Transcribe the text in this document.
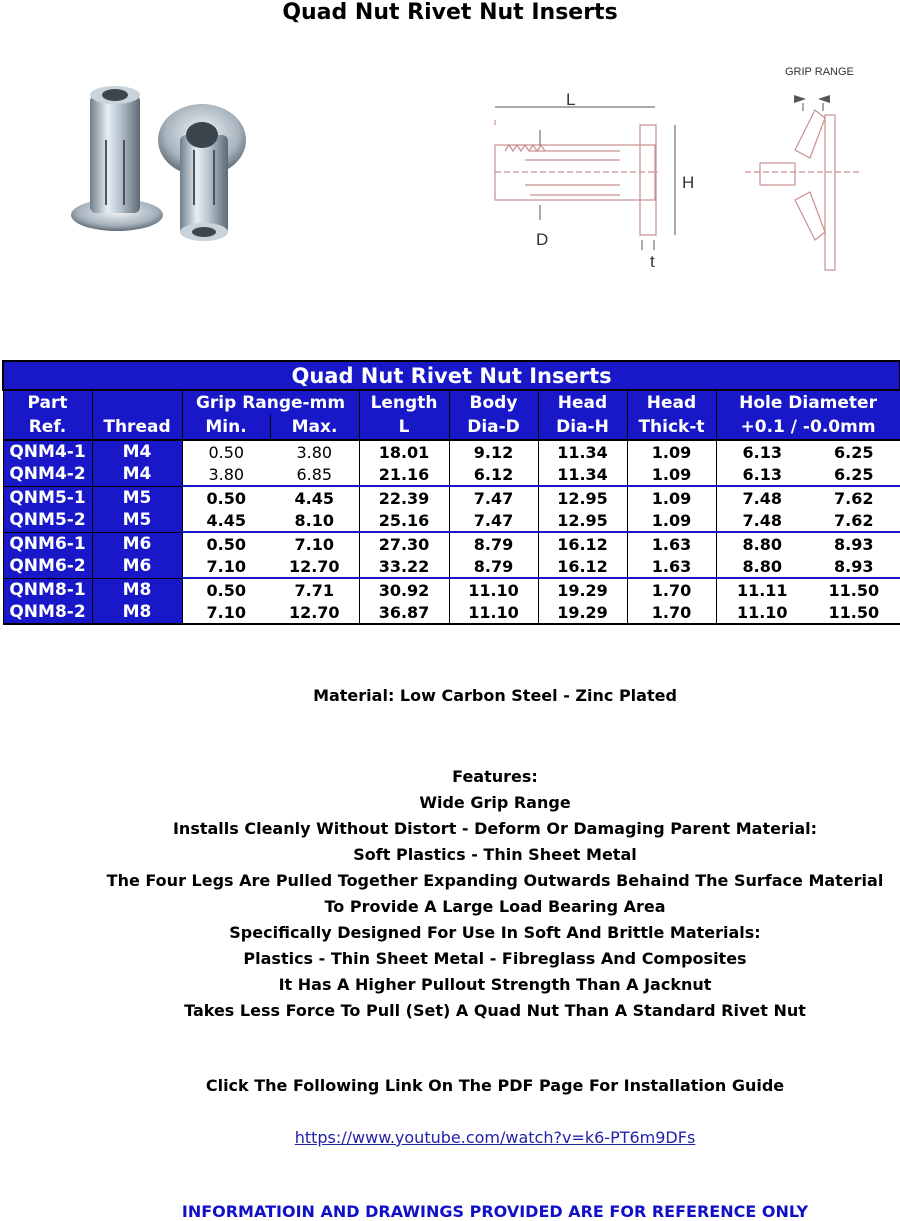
Quad Nut Rivet Nut Inserts
GRIP RANGE
L
H
D
t
Quad Nut Rivet Nut Inserts									
Part		Grip Range-mm		Length	Body	Head	Head	Hole Diameter	
Ref.	Thread	Min.	Max.	L	Dia-D	Dia-H	Thick-t	+0.1 / -0.0mm	
QNM4-1	M4	0.50	3.80	18.01	9.12	11.34	1.09	6.13	6.25
QNM4-2	M4	3.80	6.85	21.16	6.12	11.34	1.09	6.13	6.25
QNM5-1	M5	0.50	4.45	22.39	7.47	12.95	1.09	7.48	7.62
QNM5-2	M5	4.45	8.10	25.16	7.47	12.95	1.09	7.48	7.62
QNM6-1	M6	0.50	7.10	27.30	8.79	16.12	1.63	8.80	8.93
QNM6-2	M6	7.10	12.70	33.22	8.79	16.12	1.63	8.80	8.93
QNM8-1	M8	0.50	7.71	30.92	11.10	19.29	1.70	11.11	11.50
QNM8-2	M8	7.10	12.70	36.87	11.10	19.29	1.70	11.10	11.50
Material: Low Carbon Steel - Zinc Plated
Features:
Wide Grip Range
Installs Cleanly Without Distort - Deform Or Damaging Parent Material:
Soft Plastics - Thin Sheet Metal
The Four Legs Are Pulled Together Expanding Outwards Behaind The Surface Material
To Provide A Large Load Bearing Area
Specifically Designed For Use In Soft And Brittle Materials:
Plastics - Thin Sheet Metal - Fibreglass And Composites
It Has A Higher Pullout Strength Than A Jacknut
Takes Less Force To Pull (Set) A Quad Nut Than A Standard Rivet Nut
Click The Following Link On The PDF Page For Installation Guide
https://www.youtube.com/watch?v=k6-PT6m9DFs
INFORMATIOIN AND DRAWINGS PROVIDED ARE FOR REFERENCE ONLY
